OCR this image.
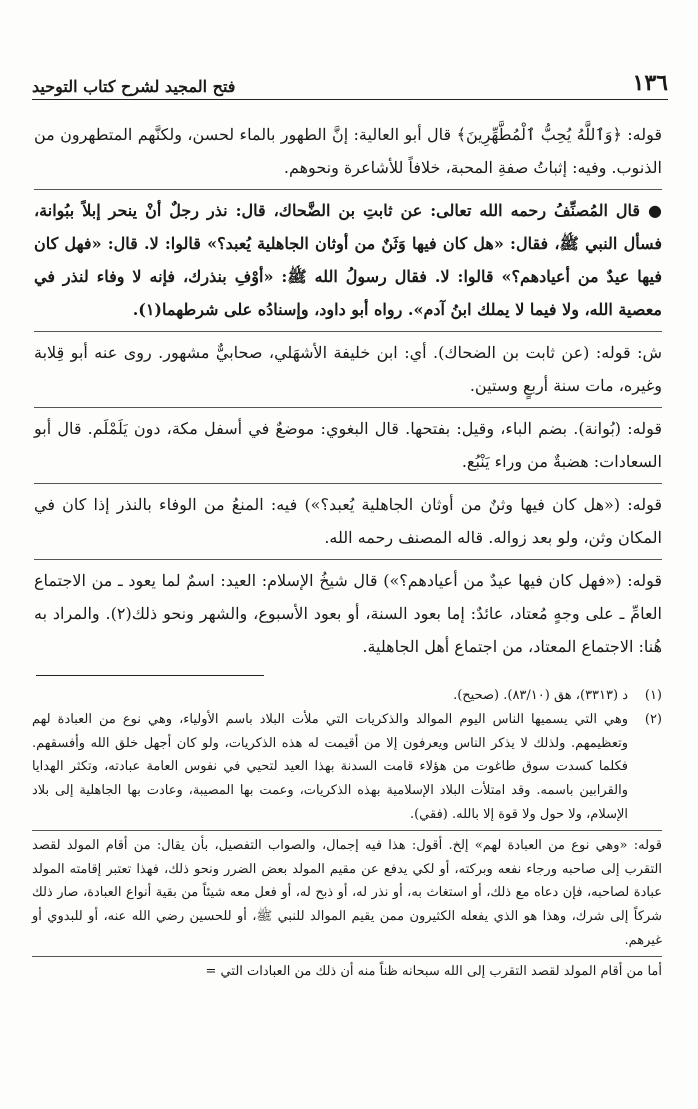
١٣٦
فتح المجيد لشرح كتاب التوحيد

قوله: ﴿وَٱللَّهُ يُحِبُّ ٱلْمُطَّهِّرِينَ﴾ قال أبو العالية: إنَّ الطهور بالماء لحسن، ولكنَّهم المتطهرون من الذنوب. وفيه: إثباتُ صفةِ المحبة، خلافاً للأشاعرة ونحوهم.

● قال المُصنِّفُ رحمه الله تعالى: عن ثابتِ بن الضَّحاك، قال: نذر رجلٌ أنْ ينحر إبلاً ببُوانة، فسأل النبي ﷺ، فقال: «هل كان فيها وَثَنٌ من أوثان الجاهلية يُعبد؟» قالوا: لا. قال: «فهل كان فيها عيدٌ من أعيادهم؟» قالوا: لا. فقال رسولُ الله ﷺ: «أوْفِ بنذرك، فإنه لا وفاء لنذر في معصية الله، ولا فيما لا يملك ابنُ آدم». رواه أبو داود، وإسنادُه على شرطهما(١).

ش: قوله: (عن ثابت بن الضحاك). أي: ابن خليفة الأشهَلي، صحابيٌّ مشهور. روى عنه أبو قِلابة وغيره، مات سنة أربعٍ وستين.

قوله: (بُوانة). بضم الباء، وقيل: بفتحها. قال البغوي: موضعٌ في أسفل مكة، دون يَلَمْلَم. قال أبو السعادات: هضبةٌ من وراء يَنْبُع.

قوله: («هل كان فيها وثنٌ من أوثان الجاهلية يُعبد؟») فيه: المنعُ من الوفاء بالنذر إذا كان في المكان وثن، ولو بعد زواله. قاله المصنف رحمه الله.

قوله: («فهل كان فيها عيدٌ من أعيادهم؟») قال شيخُ الإسلام: العيد: اسمٌ لما يعود ـ من الاجتماع العامِّ ـ على وجهٍ مُعتاد، عائدٌ: إما بعود السنة، أو بعود الأسبوع، والشهر ونحو ذلك(٢). والمراد به هُنا: الاجتماع المعتاد، من اجتماع أهل الجاهلية.

(١)
د (٣٣١٣)، هق (٨٣/١٠). (صحيح).
(٢)
وهي التي يسميها الناس اليوم الموالد والذكريات التي ملأت البلاد باسم الأولياء، وهي نوع من العبادة لهم وتعظيمهم. ولذلك لا يذكر الناس ويعرفون إلا من أقيمت له هذه الذكريات، ولو كان أجهل خلق الله وأفسقهم. فكلما كسدت سوق طاغوت من هؤلاء قامت السدنة بهذا العيد لتحيي في نفوس العامة عبادته، وتكثر الهدايا والقرابين باسمه. وقد امتلأت البلاد الإسلامية بهذه الذكريات، وعمت بها المصيبة، وعادت بها الجاهلية إلى بلاد الإسلام، ولا حول ولا قوة إلا بالله. (فقي).

قوله: «وهي نوع من العبادة لهم» إلخ. أقول: هذا فيه إجمال، والصواب التفصيل، بأن يقال: من أقام المولد لقصد التقرب إلى صاحبه ورجاء نفعه وبركته، أو لكي يدفع عن مقيم المولد بعض الضرر ونحو ذلك، فهذا تعتبر إقامته المولد عبادة لصاحبه، فإن دعاه مع ذلك، أو استغاث به، أو نذر له، أو ذبح له، أو فعل معه شيئاً من بقية أنواع العبادة، صار ذلك شركاً إلى شرك، وهذا هو الذي يفعله الكثيرون ممن يقيم الموالد للنبي ﷺ، أو للحسين رضي الله عنه، أو للبدوي أو غيرهم.

أما من أقام المولد لقصد التقرب إلى الله سبحانه ظناً منه أن ذلك من العبادات التي =
